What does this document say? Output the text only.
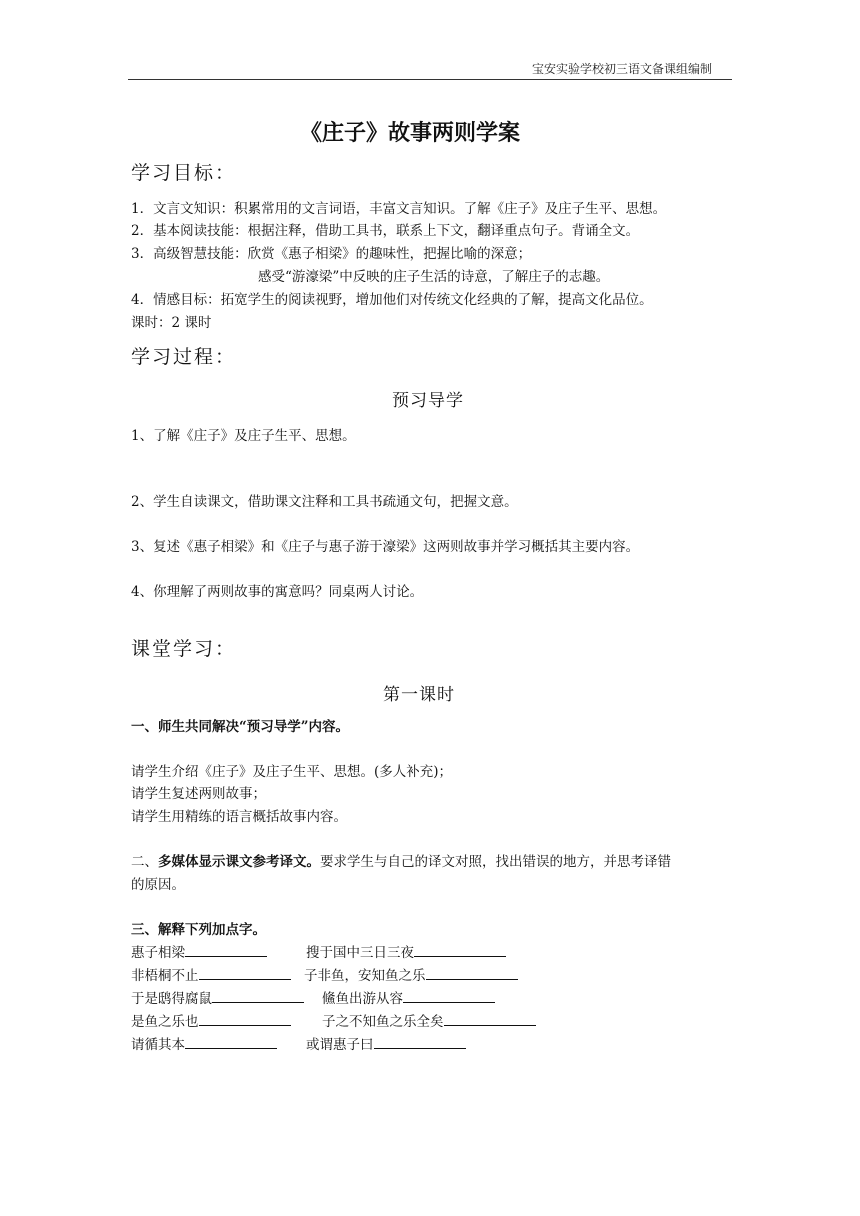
宝安实验学校初三语文备课组编制
《庄子》故事两则学案
学习目标：
1．文言文知识：积累常用的文言词语，丰富文言知识。了解《庄子》及庄子生平、思想。
2．基本阅读技能：根据注释，借助工具书，联系上下文，翻译重点句子。背诵全文。
3．高级智慧技能：欣赏《惠子相梁》的趣味性，把握比喻的深意；
感受“游濠梁”中反映的庄子生活的诗意，了解庄子的志趣。
4．情感目标：拓宽学生的阅读视野，增加他们对传统文化经典的了解，提高文化品位。
课时：2 课时
学习过程：
预习导学
1、了解《庄子》及庄子生平、思想。
2、学生自读课文，借助课文注释和工具书疏通文句，把握文意。
3、复述《惠子相梁》和《庄子与惠子游于濠梁》这两则故事并学习概括其主要内容。
4、你理解了两则故事的寓意吗？同桌两人讨论。
课堂学习：
第一课时
一、师生共同解决“预习导学”内容。
请学生介绍《庄子》及庄子生平、思想。(多人补充)；
请学生复述两则故事；
请学生用精练的语言概括故事内容。
二、多媒体显示课文参考译文。要求学生与自己的译文对照，找出错误的地方，并思考译错
的原因。
三、解释下列加点字。
惠子相梁	搜于国中三日三夜
非梧桐不止	子非鱼，安知鱼之乐
于是鸱得腐鼠	鯈鱼出游从容
是鱼之乐也	子之不知鱼之乐全矣
请循其本	或谓惠子曰
